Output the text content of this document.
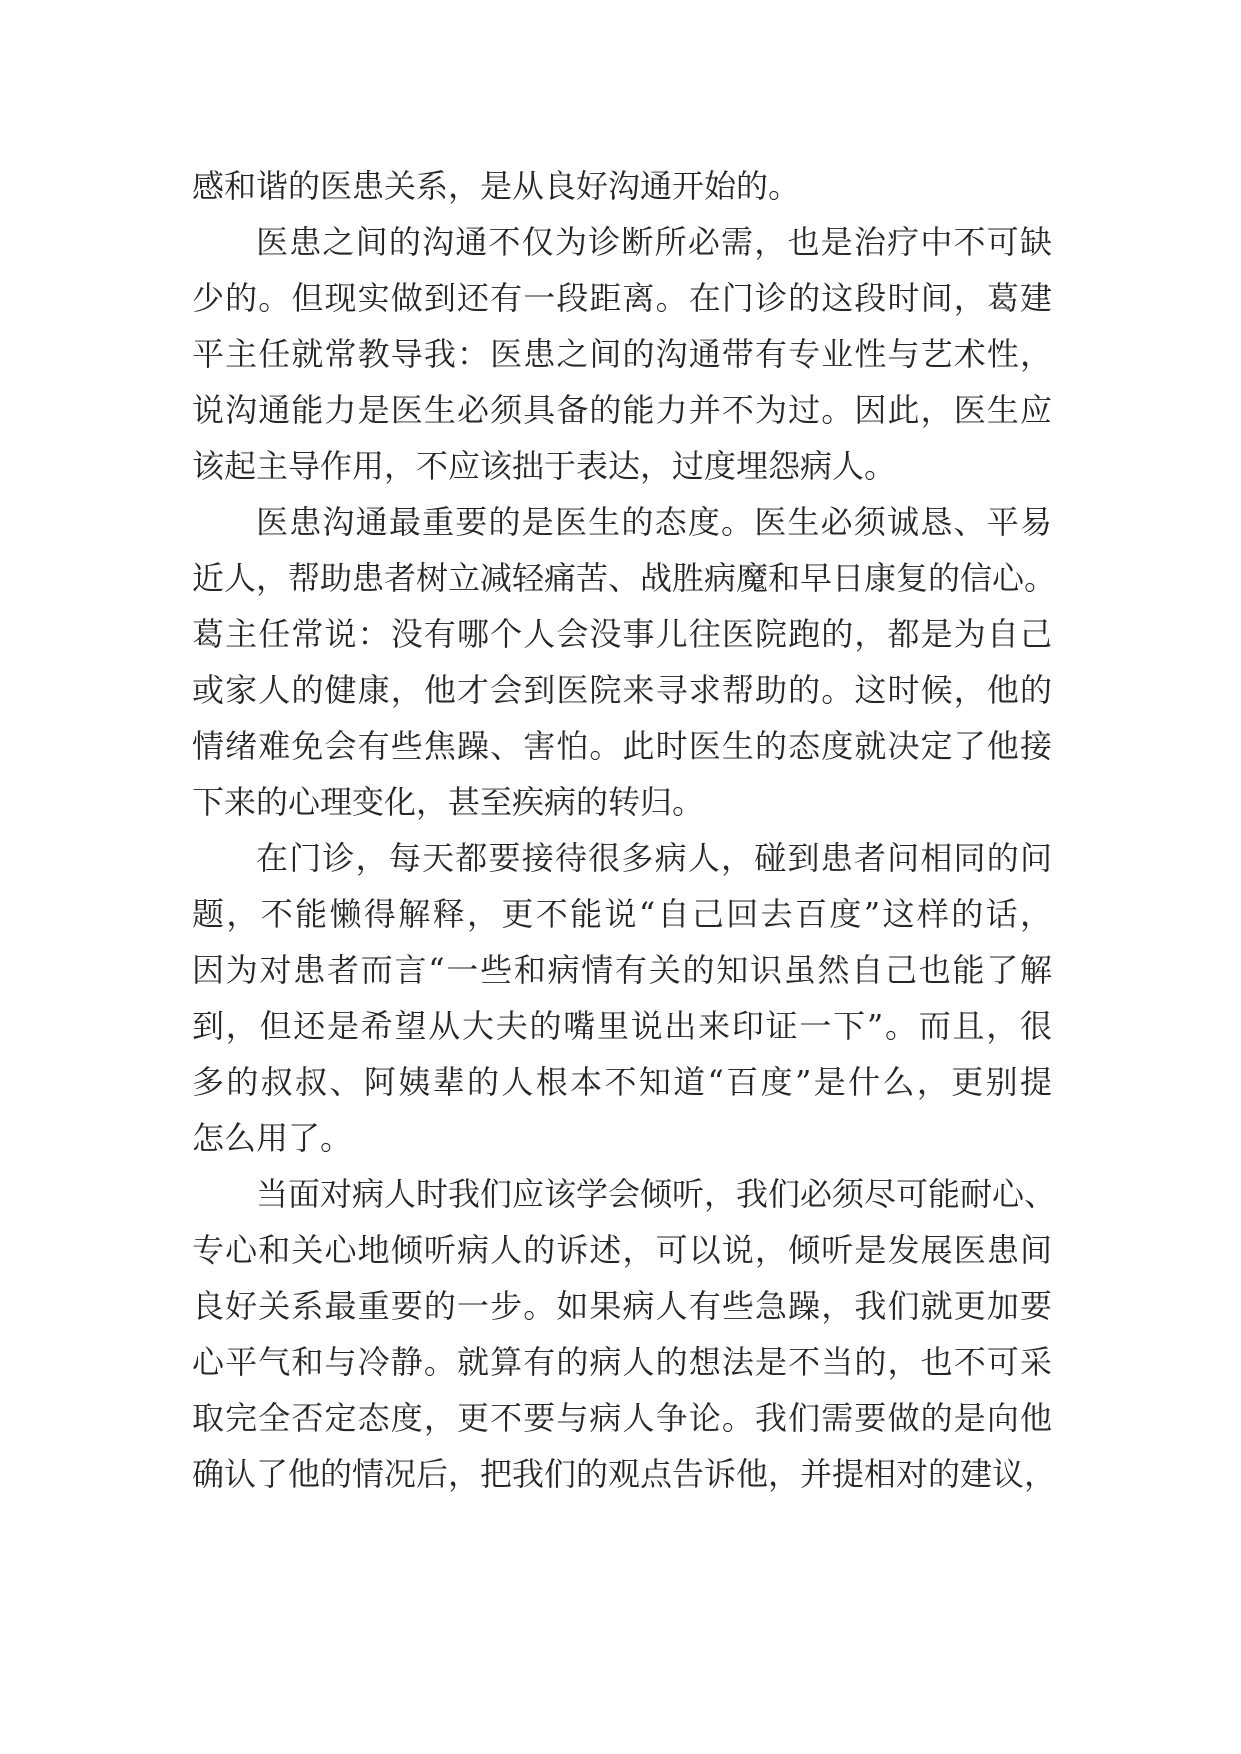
感和谐的医患关系，是从良好沟通开始的。
医患之间的沟通不仅为诊断所必需，也是治疗中不可缺
少的。但现实做到还有一段距离。在门诊的这段时间，葛建
平主任就常教导我：医患之间的沟通带有专业性与艺术性，
说沟通能力是医生必须具备的能力并不为过。因此，医生应
该起主导作用，不应该拙于表达，过度埋怨病人。
医患沟通最重要的是医生的态度。医生必须诚恳、平易
近人，帮助患者树立减轻痛苦、战胜病魔和早日康复的信心。
葛主任常说：没有哪个人会没事儿往医院跑的，都是为自己
或家人的健康，他才会到医院来寻求帮助的。这时候，他的
情绪难免会有些焦躁、害怕。此时医生的态度就决定了他接
下来的心理变化，甚至疾病的转归。
在门诊，每天都要接待很多病人，碰到患者问相同的问
题，不能懒得解释，更不能说“自己回去百度”这样的话，
因为对患者而言“一些和病情有关的知识虽然自己也能了解
到，但还是希望从大夫的嘴里说出来印证一下”。而且，很
多的叔叔、阿姨辈的人根本不知道“百度”是什么，更别提
怎么用了。
当面对病人时我们应该学会倾听，我们必须尽可能耐心、
专心和关心地倾听病人的诉述，可以说，倾听是发展医患间
良好关系最重要的一步。如果病人有些急躁，我们就更加要
心平气和与冷静。就算有的病人的想法是不当的，也不可采
取完全否定态度，更不要与病人争论。我们需要做的是向他
确认了他的情况后，把我们的观点告诉他，并提相对的建议，
